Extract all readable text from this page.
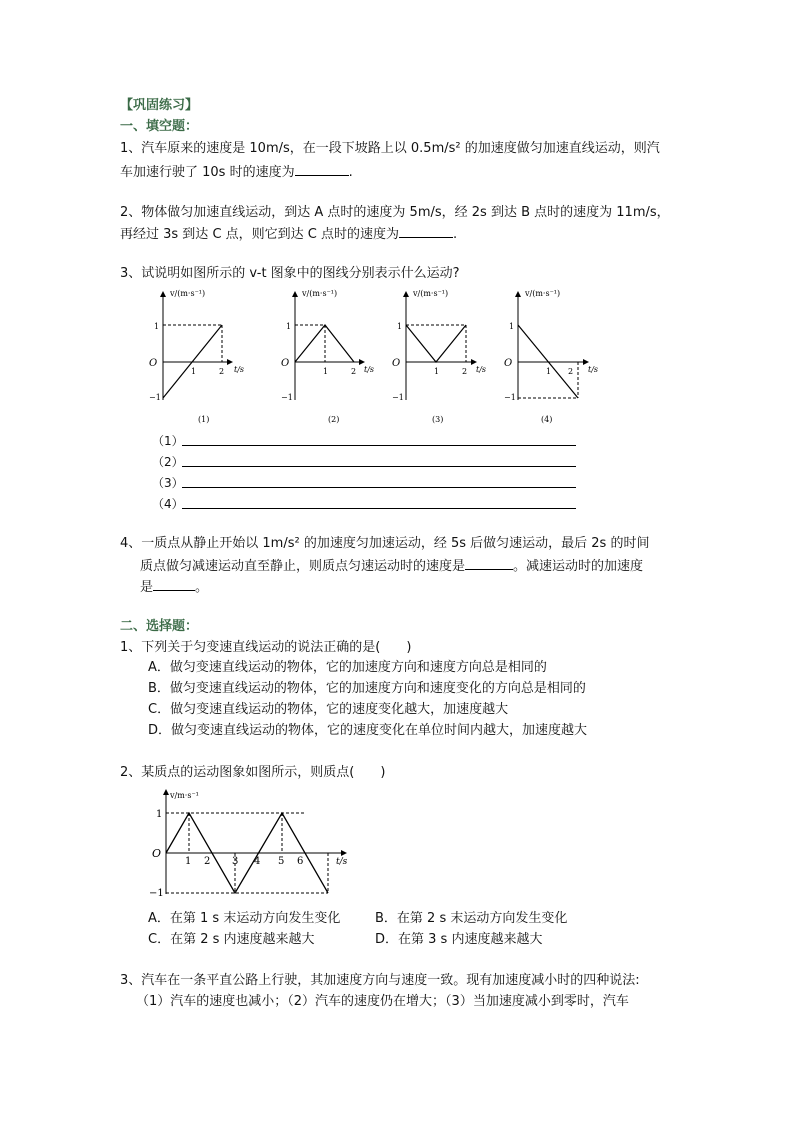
【巩固练习】
一、填空题：
1、汽车原来的速度是 10m/s，在一段下坡路上以 0.5m/s² 的加速度做匀加速直线运动，则汽
车加速行驶了 10s 时的速度为	.
2、物体做匀加速直线运动，到达 A 点时的速度为 5m/s，经 2s 到达 B 点时的速度为 11m/s，
再经过 3s 到达 C 点，则它到达 C 点时的速度为	.
3、试说明如图所示的 v-t 图象中的图线分别表示什么运动?
v/(m·s⁻¹)
t/s
O
1
−1
1	2
(1)
v/(m·s⁻¹)
t/s
O
1
−1
1	2
(2)
v/(m·s⁻¹)
t/s
O
1
−1
1	2
(3)
v/(m·s⁻¹)
t/s
O
1
−1
1 2
(4)
（1）
（2）
（3）
（4）
4、一质点从静止开始以 1m/s² 的加速度匀加速运动，经 5s 后做匀速运动，最后 2s 的时间
质点做匀减速运动直至静止，则质点匀速运动时的速度是	。减速运动时的加速度
是	。
二、选择题：
1、下列关于匀变速直线运动的说法正确的是(　　)
A．做匀变速直线运动的物体，它的加速度方向和速度方向总是相同的
B．做匀变速直线运动的物体，它的加速度方向和速度变化的方向总是相同的
C．做匀变速直线运动的物体，它的速度变化越大，加速度越大
D．做匀变速直线运动的物体，它的速度变化在单位时间内越大，加速度越大
2、某质点的运动图象如图所示，则质点(　　)
v/m·s⁻¹
t/s
O
1
−1
1 2 3 4 5 6
A．在第 1 s 末运动方向发生变化	B．在第 2 s 末运动方向发生变化
C．在第 2 s 内速度越来越大	D．在第 3 s 内速度越来越大
3、汽车在一条平直公路上行驶，其加速度方向与速度一致。现有加速度减小时的四种说法:
（1）汽车的速度也减小；（2）汽车的速度仍在增大；（3）当加速度减小到零时，汽车
